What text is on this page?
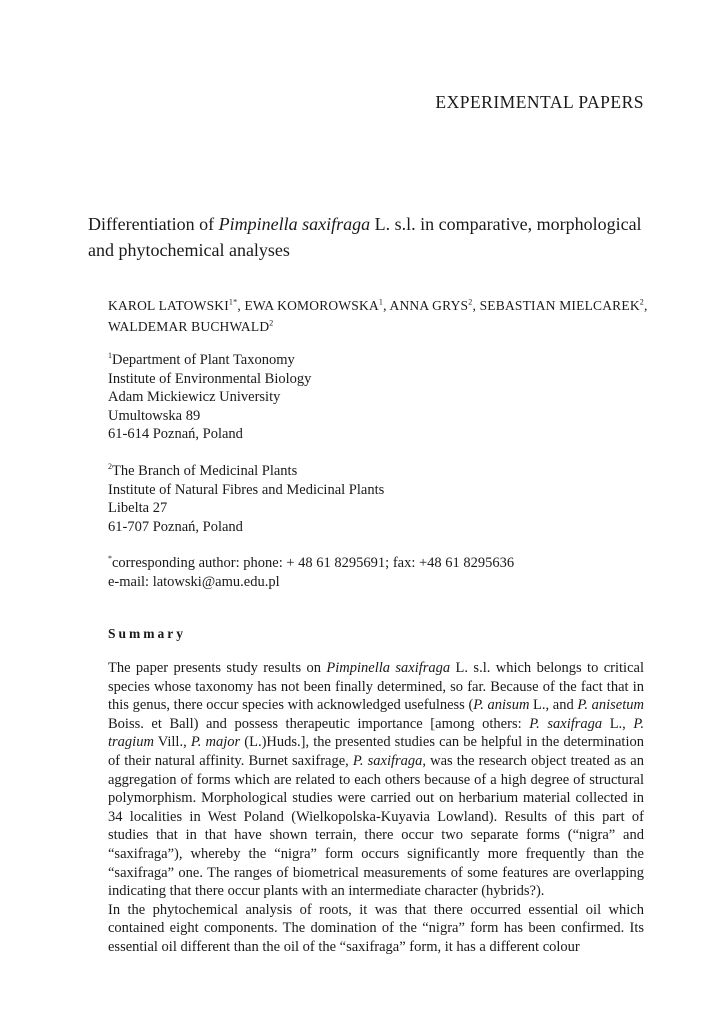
EXPERIMENTAL PAPERS
Differentiation of Pimpinella saxifraga L. s.l. in comparative, morphological and phytochemical analyses
KAROL $LATOWSKI^{1*}$, EWA KOMOROWSKA$^1$, ANNA GRYS$^2$, SEBASTIAN MIELCAREK$^2$, WALDEMAR BUCHWALD$^2$
$^1$Department of Plant Taxonomy
Institute of Environmental Biology
Adam Mickiewicz University
Umultowska 89
61-614 Poznań, Poland
$^2$The Branch of Medicinal Plants
Institute of Natural Fibres and Medicinal Plants
Libelta 27
61-707 Poznań, Poland
*corresponding author: phone: + 48 61 8295691; fax: +48 61 8295636
e-mail: latowski@amu.edu.pl
Summary

The paper presents study results on Pimpinella saxifraga L. s.l. which belongs to critical species whose taxonomy has not been finally determined, so far. Because of the fact that in this genus, there occur species with acknowledged usefulness (P. anisum L., and P. anisetum Boiss. et Ball) and possess therapeutic importance [among others: P. saxifraga L., P. tragium Vill., P. major (L.)Huds.], the presented studies can be helpful in the determination of their natural affinity. Burnet saxifrage, P. saxifraga, was the research object treated as an aggregation of forms which are related to each others because of a high degree of structural polymorphism. Morphological studies were carried out on herbarium material collected in 34 localities in West Poland (Wielkopolska-Kuyavia Lowland). Results of this part of studies that in that have shown terrain, there occur two separate forms (“nigra” and “saxifraga”), whereby the “nigra” form occurs significantly more frequently than the “saxifraga” one. The ranges of biometrical measurements of some features are overlapping indicating that there occur plants with an intermediate character (hybrids?).

In the phytochemical analysis of roots, it was that there occurred essential oil which contained eight components. The domination of the “nigra” form has been confirmed. Its essential oil different than the oil of the “saxifraga” form, it has a different colour
